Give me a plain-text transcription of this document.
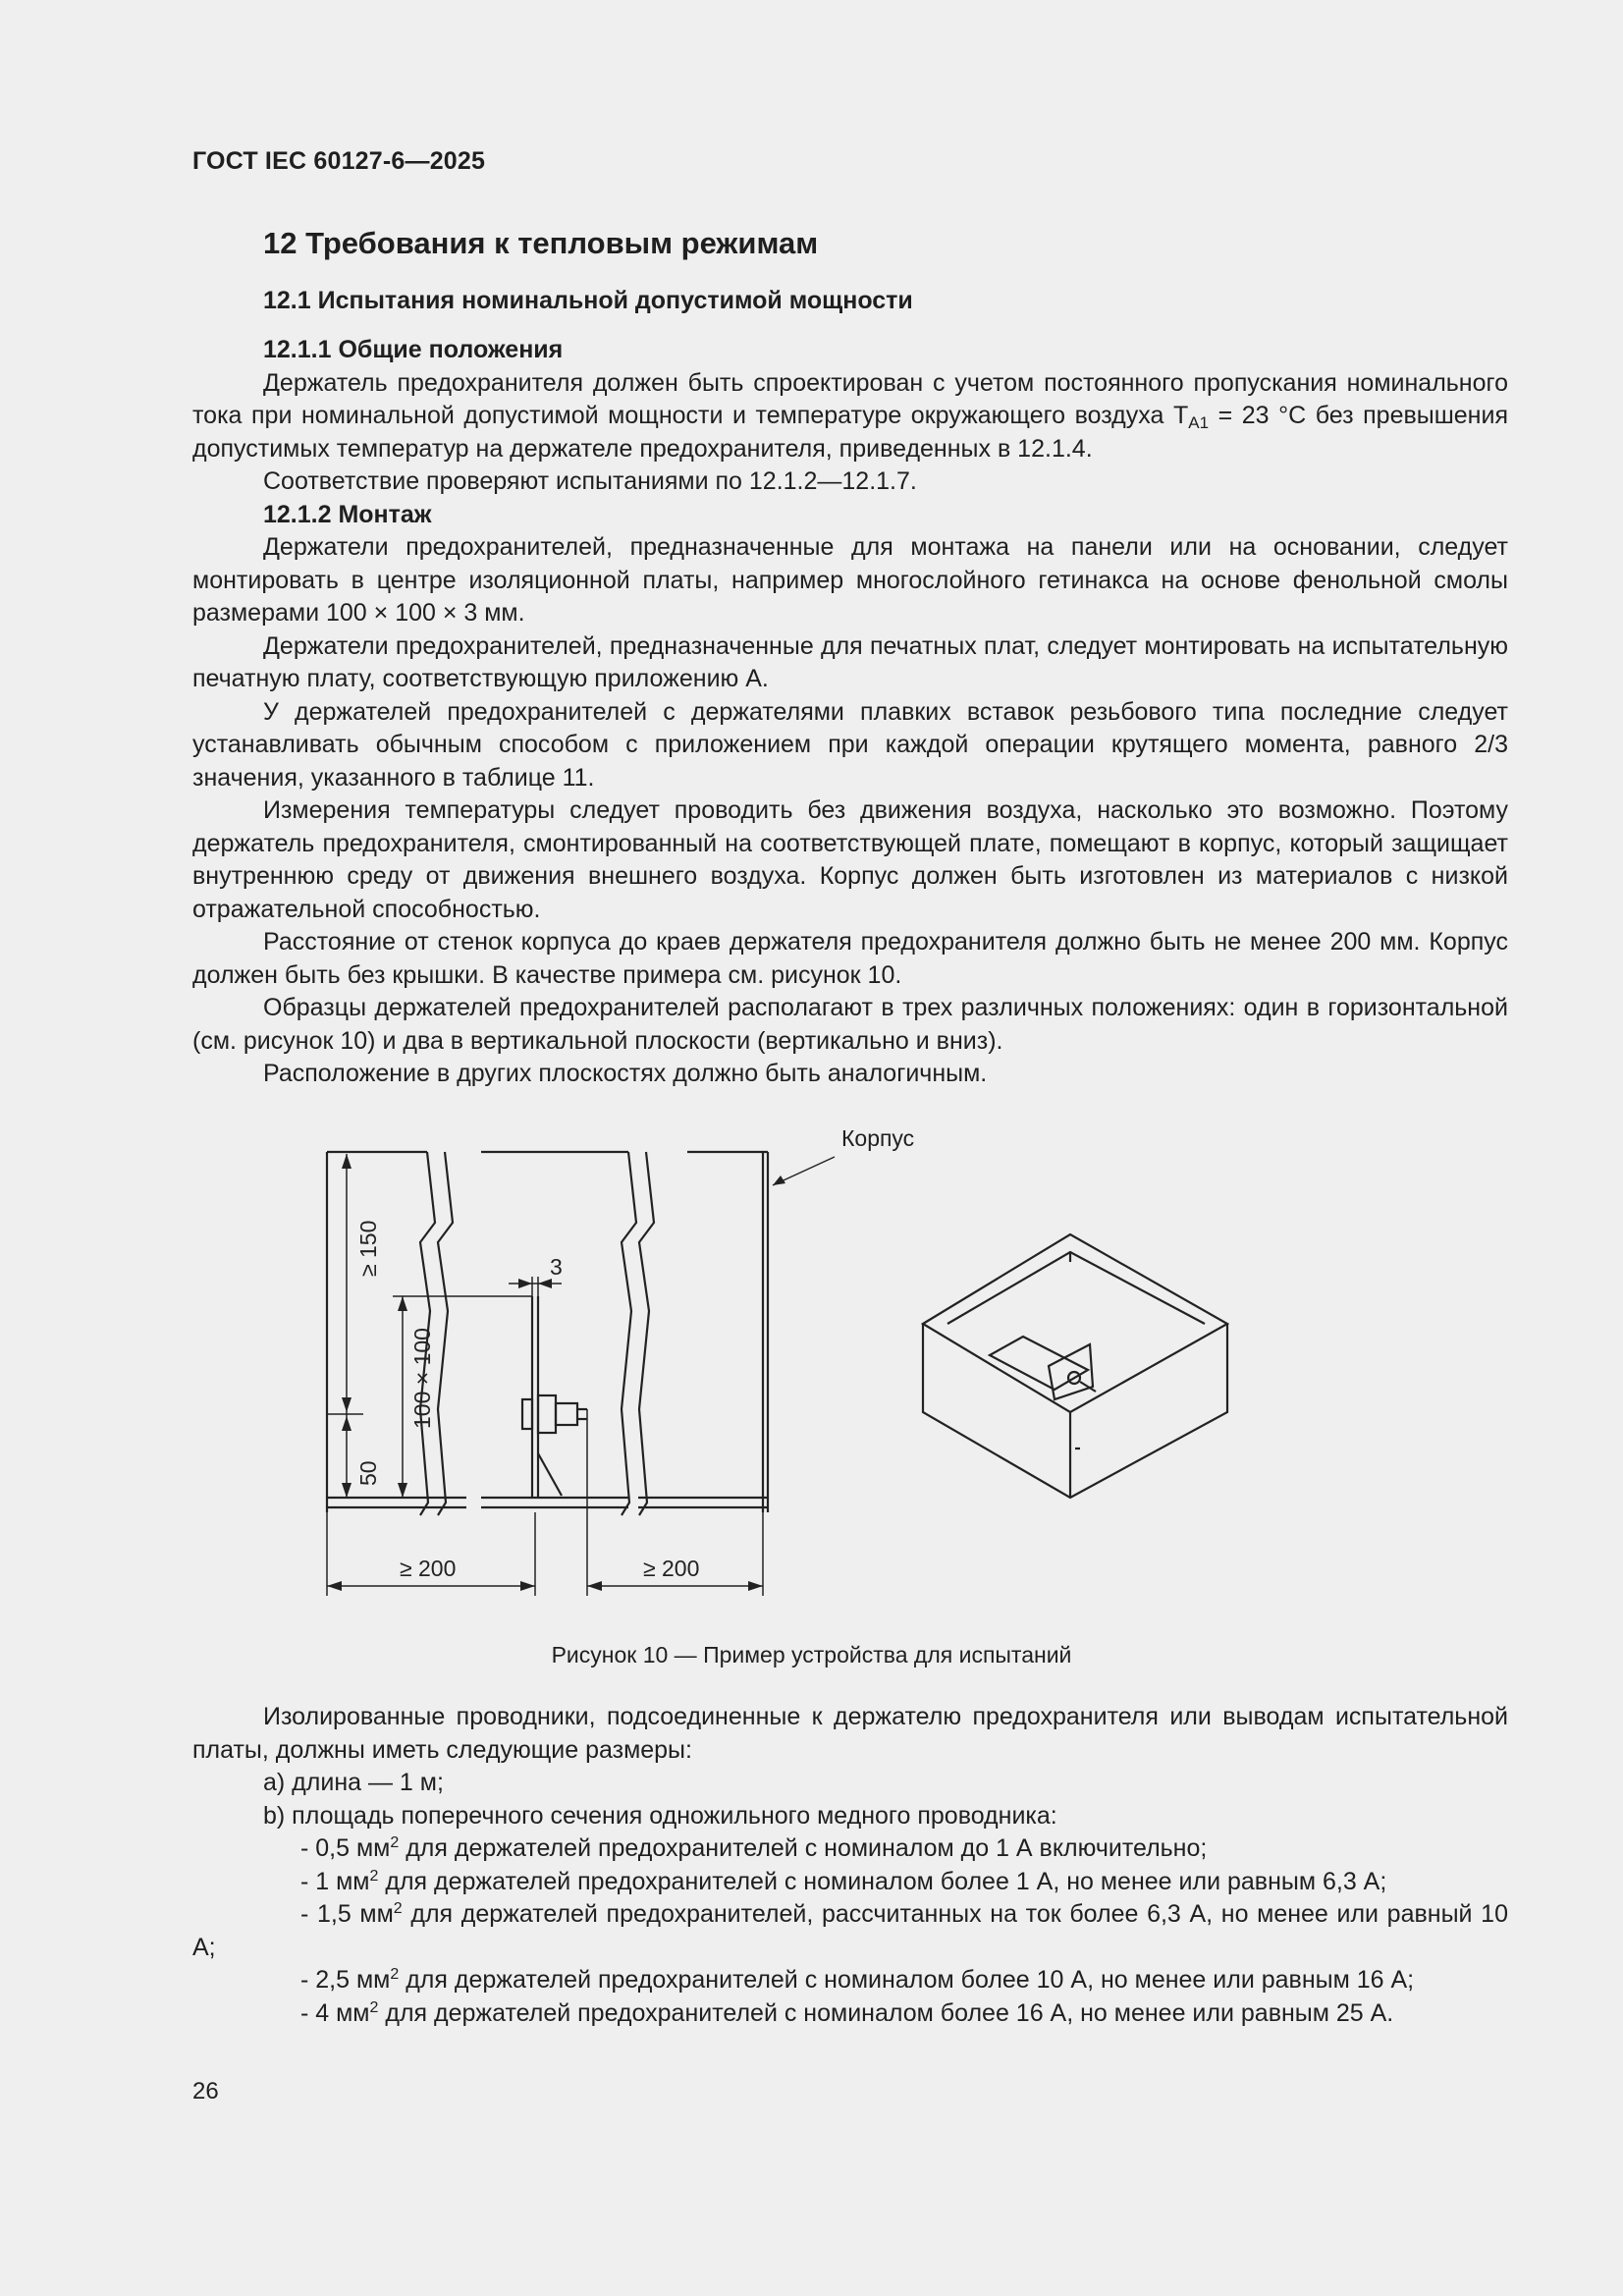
ГОСТ IEC 60127-6—2025
12 Требования к тепловым режимам
12.1 Испытания номинальной допустимой мощности

12.1.1 Общие положения

Держатель предохранителя должен быть спроектирован с учетом постоянного пропускания номинального тока при номинальной допустимой мощности и температуре окружающего воздуха $T_{A1} = 23$ °С без превышения допустимых температур на держателе предохранителя, приведенных в 12.1.4.

Соответствие проверяют испытаниями по 12.1.2—12.1.7.

12.1.2 Монтаж

Держатели предохранителей, предназначенные для монтажа на панели или на основании, следует монтировать в центре изоляционной платы, например многослойного гетинакса на основе фенольной смолы размерами 100 × 100 × 3 мм.

Держатели предохранителей, предназначенные для печатных плат, следует монтировать на испытательную печатную плату, соответствующую приложению А.

У держателей предохранителей с держателями плавких вставок резьбового типа последние следует устанавливать обычным способом с приложением при каждой операции крутящего момента, равного 2/3 значения, указанного в таблице 11.

Измерения температуры следует проводить без движения воздуха, насколько это возможно. Поэтому держатель предохранителя, смонтированный на соответствующей плате, помещают в корпус, который защищает внутреннюю среду от движения внешнего воздуха. Корпус должен быть изготовлен из материалов с низкой отражательной способностью.

Расстояние от стенок корпуса до краев держателя предохранителя должно быть не менее 200 мм. Корпус должен быть без крышки. В качестве примера см. рисунок 10.

Образцы держателей предохранителей располагают в трех различных положениях: один в горизонтальной (см. рисунок 10) и два в вертикальной плоскости (вертикально и вниз).

Расположение в других плоскостях должно быть аналогичным.

100 × 100
50
≥ 150	3
≥ 200	≥ 200
Корпус
Рисунок 10 — Пример устройства для испытаний

Изолированные проводники, подсоединенные к держателю предохранителя или выводам испытательной платы, должны иметь следующие размеры:

а) длина — 1 м;

b) площадь поперечного сечения одножильного медного проводника:

- 0,5 $мм^2$ для держателей предохранителей с номиналом до 1 А включительно;

- 1 $мм^2$ для держателей предохранителей с номиналом более 1 А, но менее или равным 6,3 А;

- 1,5 $мм^2$ для держателей предохранителей, рассчитанных на ток более 6,3 А, но менее или равный 10 А;

- 2,5 $мм^2$ для держателей предохранителей с номиналом более 10 А, но менее или равным 16 А;

- 4 $мм^2$ для держателей предохранителей с номиналом более 16 А, но менее или равным 25 А.

26
